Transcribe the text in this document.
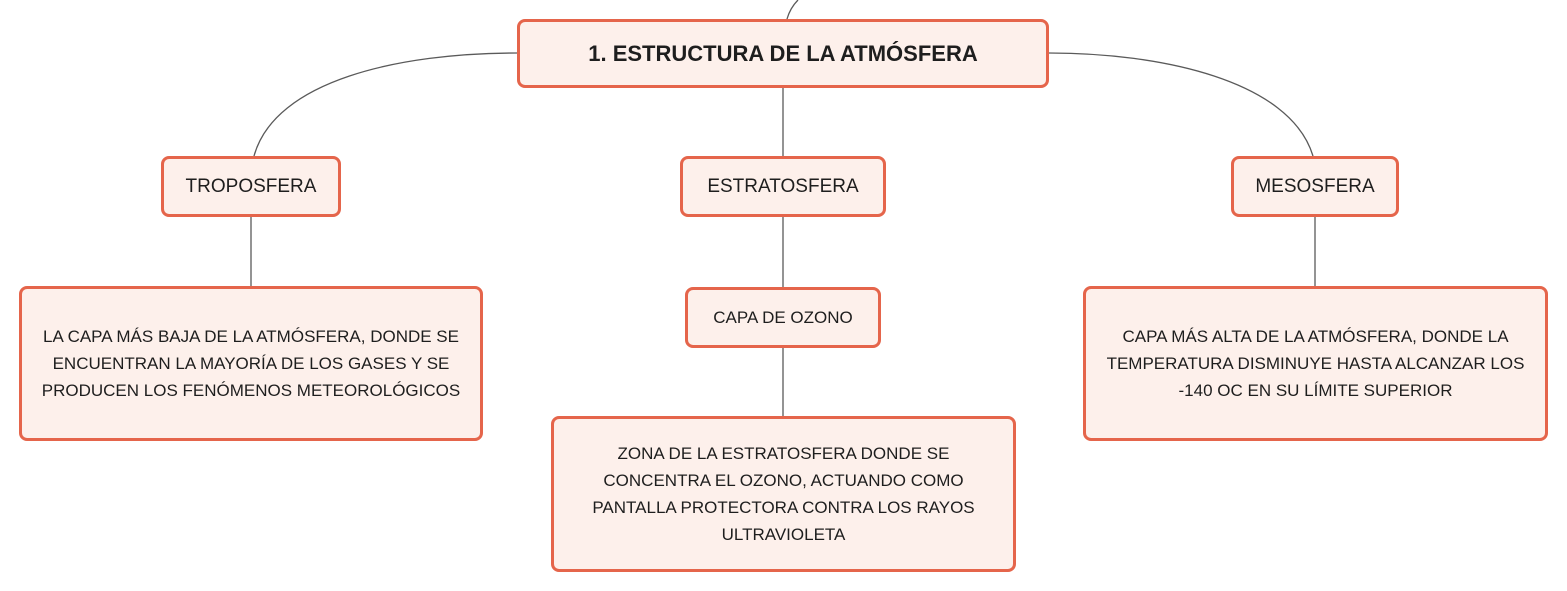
1. ESTRUCTURA DE LA ATMÓSFERA
TROPOSFERA	ESTRATOSFERA	MESOSFERA
CAPA DE OZONO
LA CAPA MÁS BAJA DE LA ATMÓSFERA, DONDE SE ENCUENTRAN LA MAYORÍA DE LOS GASES Y SE PRODUCEN LOS FENÓMENOS METEOROLÓGICOS
ZONA DE LA ESTRATOSFERA DONDE SE CONCENTRA EL OZONO, ACTUANDO COMO PANTALLA PROTECTORA CONTRA LOS RAYOS ULTRAVIOLETA
CAPA MÁS ALTA DE LA ATMÓSFERA, DONDE LA TEMPERATURA DISMINUYE HASTA ALCANZAR LOS -140 OC EN SU LÍMITE SUPERIOR
